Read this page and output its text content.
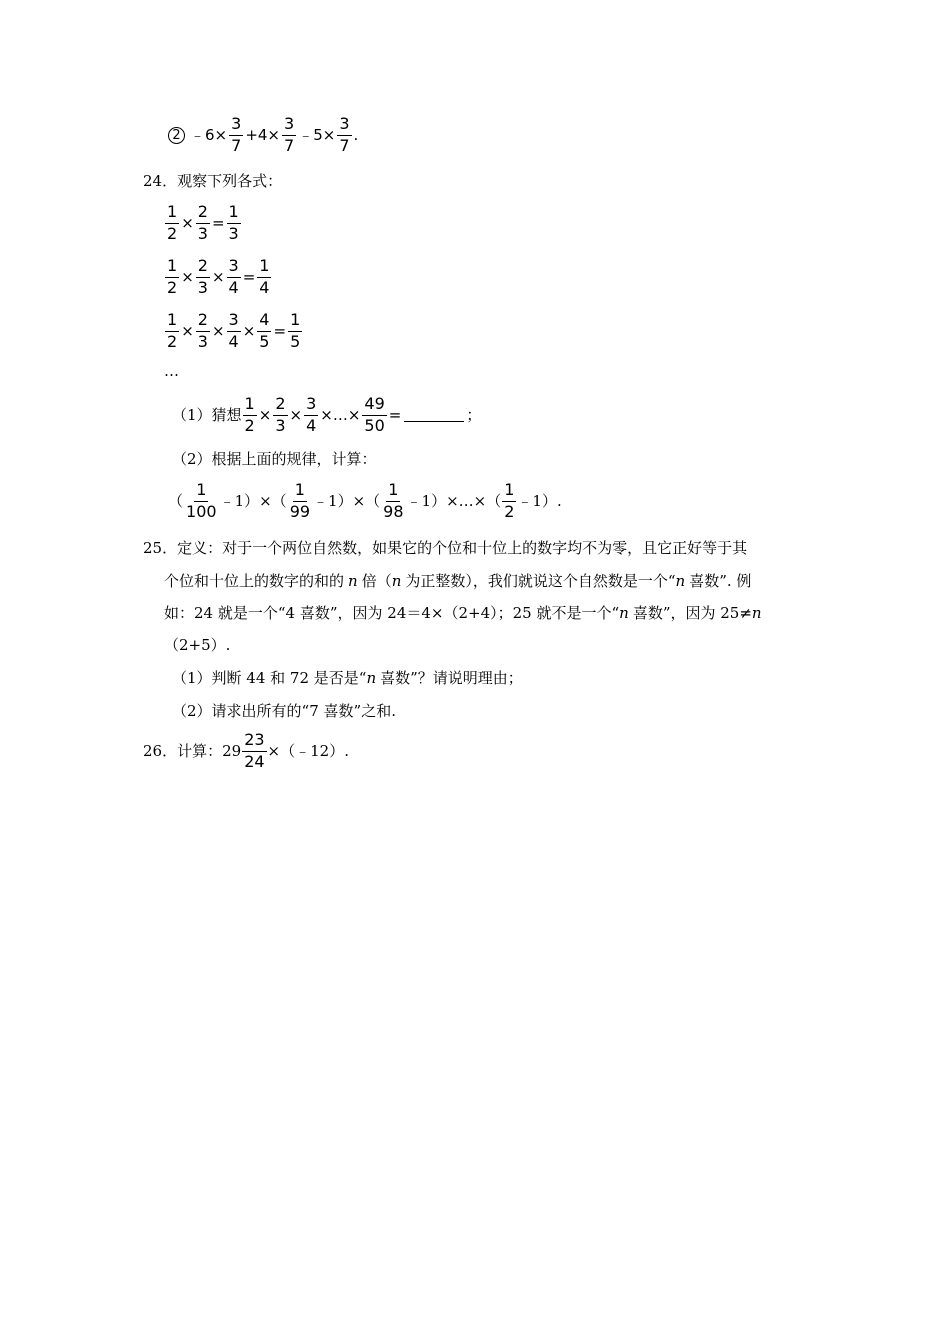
2 ﹣6× $\frac{3}{7} +4\times \frac{3}{7}$ ﹣5× $\frac{3}{7}$ .
24． 观察下列各式：
$\frac{1}{2} \times \frac{2}{3} = \frac{1}{3}$
$\frac{1}{2} \times \frac{2}{3} \times \frac{3}{4} = \frac{1}{4}$
$\frac{1}{2} \times \frac{2}{3} \times \frac{3}{4} \times \frac{4}{5} = \frac{1}{5}$
…
（1）猜想 $\frac{1}{2} \times \frac{2}{3} \times \frac{3}{4}$ ×…× $\frac{49}{50}$ =	；
（2）根据上面的规律，计算：
（ $\frac{1}{100}$ ﹣1）×（ $\frac{1}{99}$ ﹣1）×（ $\frac{1}{98}$ ﹣1）×…×（ $\frac{1}{2}$ ﹣1）.
25． 定义：对于一个两位自然数，如果它的个位和十位上的数字均不为零，且它正好等于其
个位和十位上的数字的和的 n 倍（ n 为正整数），我们就说这个自然数是一个“ n 喜数”. 例
如：24 就是一个“4 喜数”，因为 24＝4×（2+4）；25 就不是一个“ n 喜数”，因为 25≠ n
（2+5）.
（1）判断 44 和 72 是否是“ n 喜数”？请说明理由；
（2）请求出所有的“7 喜数”之和.
26． 计算：$29 \frac{23}{24}$ ×（﹣12）.
